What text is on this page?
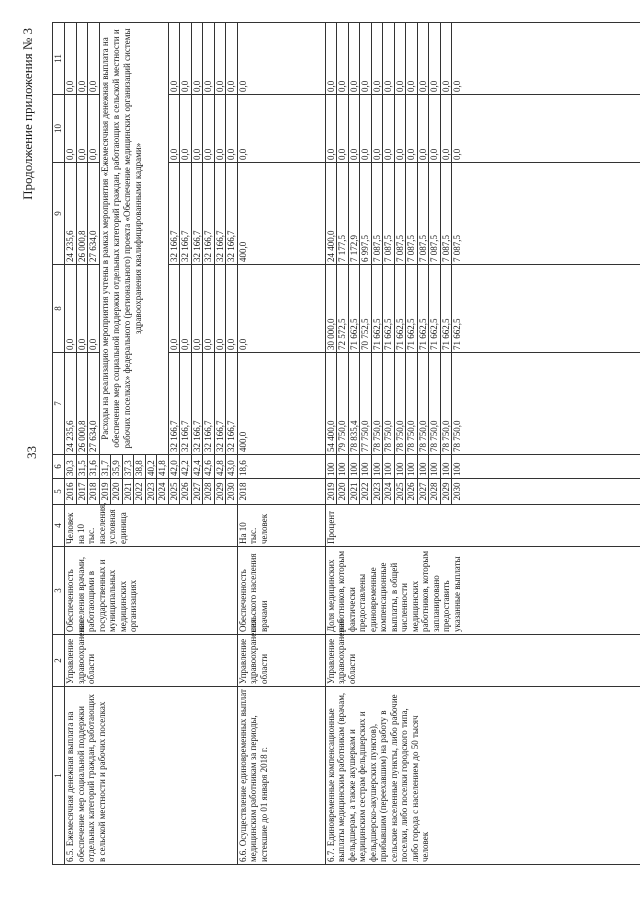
33
Продолжение приложения № 3
1	2	3	4	5	6	7	8	9	10	11
6.5. Ежемесячная денежная выплата на обеспечение мер социальной поддержки отдельных категорий граждан, работающих в сельской местности и рабочих поселках	Управление здравоохранения области	Обеспеченность населения врачами, работающими в государственных и муниципальных медицинских организациях	Человек на 10 тыс. населения, условная единица	2016	30,3	24 235,6	0,0	24 235,6	0,0	0,0
				2017	31,5	26 000,8	0,0	26 000,8	0,0	0,0
				2018	31,6	27 634,0	0,0	27 634,0	0,0	0,0
				2019	31,7	Расходы на реализацию мероприятия учтены в рамках мероприятия «Ежемесячная денежная выплата на обеспечение мер социальной поддержки отдельных категорий граждан, работающих в сельской местности и рабочих поселках» федерального (регионального) проекта «Обеспечение медицинских организаций системы здравоохранения квалифицированными кадрами»				
				2020	35,9					
				2021	37,3					
				2022	38,8					
				2023	40,2					
				2024	41,8					
				2025	42,0	32 166,7	0,0	32 166,7	0,0	0,0
				2026	42,2	32 166,7	0,0	32 166,7	0,0	0,0
				2027	42,4	32 166,7	0,0	32 166,7	0,0	0,0
				2028	42,6	32 166,7	0,0	32 166,7	0,0	0,0
				2029	42,8	32 166,7	0,0	32 166,7	0,0	0,0
				2030	43,0	32 166,7	0,0	32 166,7	0,0	0,0
6.6. Осуществление единовременных выплат медицинским работникам за периоды, истекшие до 01 января 2018 г.	Управление здравоохранения области	Обеспеченность сельского населения врачами	На 10 тыс. человек	2018	18,6	400,0	0,0	400,0	0,0	0,0
6.7. Единовременные компенсационные выплаты медицинским работникам (врачам, фельдшерам, а также акушеркам и медицинским сестрам фельдшерских и фельдшерско-акушерских пунктов), прибывшим (переехавшим) на работу в сельские населенные пункты, либо рабочие поселки, либо поселки городского типа, либо города с населением до 50 тысяч человек	Управление здравоохранения области	Доля медицинских работников, которым фактически предоставлены единовременные компенсационные выплаты, в общей численности медицинских работников, которым запланировано предоставить указанные выплаты	Процент	2019	100	54 400,0	30 000,0	24 400,0	0,0	0,0
				2020	100	79 750,0	72 572,5	7 177,5	0,0	0,0
				2021	100	78 835,4	71 662,5	7 172,9	0,0	0,0
				2022	100	77 750,0	70 752,5	6 997,5	0,0	0,0
				2023	100	78 750,0	71 662,5	7 087,5	0,0	0,0
				2024	100	78 750,0	71 662,5	7 087,5	0,0	0,0
				2025	100	78 750,0	71 662,5	7 087,5	0,0	0,0
				2026	100	78 750,0	71 662,5	7 087,5	0,0	0,0
				2027	100	78 750,0	71 662,5	7 087,5	0,0	0,0
				2028	100	78 750,0	71 662,5	7 087,5	0,0	0,0
				2029	100	78 750,0	71 662,5	7 087,5	0,0	0,0
				2030	100	78 750,0	71 662,5	7 087,5	0,0	0,0
